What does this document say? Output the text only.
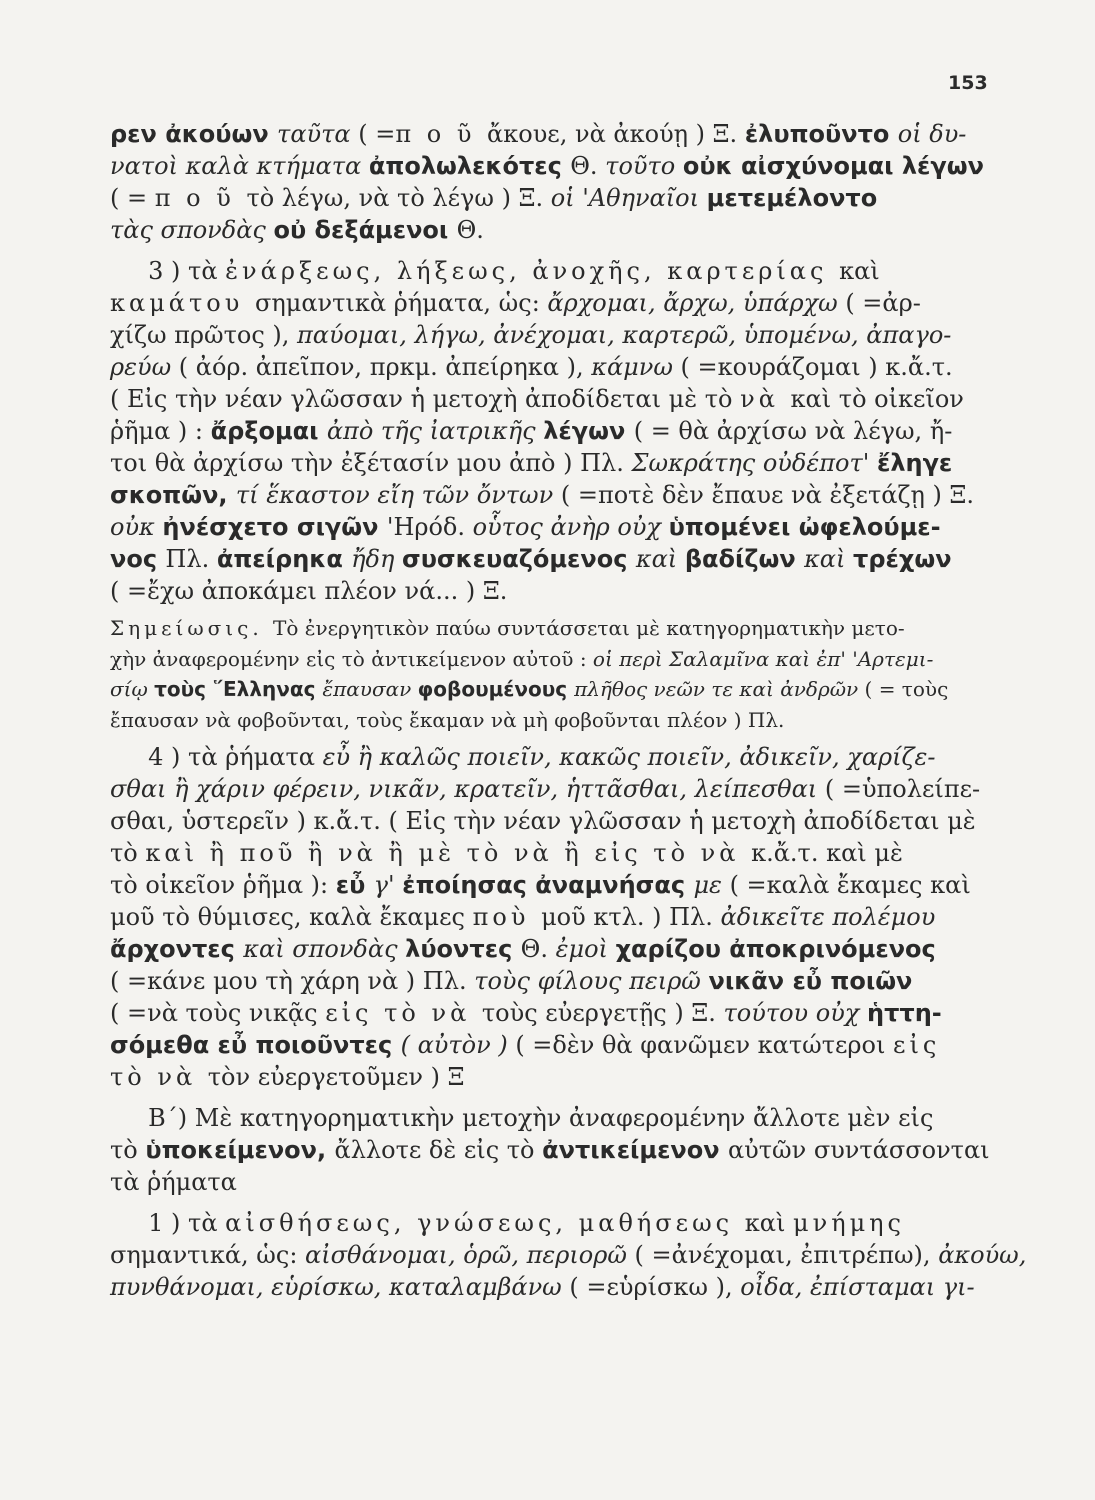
153
ρεν ἀκούων ταῦτα ( =π ο ῦ ἄκουε, νὰ ἀκούῃ ) Ξ. ἐλυποῦντο οἱ δυ-
νατοὶ καλὰ κτήματα ἀπολωλεκότες Θ. τοῦτο οὐκ αἰσχύνομαι λέγων
( = π ο ῦ τὸ λέγω, νὰ τὸ λέγω ) Ξ. οἱ 'Αθηναῖοι μετεμέλοντο
τὰς σπονδὰς οὐ δεξάμενοι Θ.
3 ) τὰ ἐνάρξεως, λήξεως, ἀνοχῆς, καρτερίας καὶ
καμάτου σημαντικὰ ῥήματα, ὡς: ἄρχομαι, ἄρχω, ὑπάρχω ( =ἀρ-
χίζω πρῶτος ), παύομαι, λήγω, ἀνέχομαι, καρτερῶ, ὑπομένω, ἀπαγο-
ρεύω ( ἀόρ. ἀπεῖπον, πρκμ. ἀπείρηκα ), κάμνω ( =κουράζομαι ) κ.ἄ.τ.
( Εἰς τὴν νέαν γλῶσσαν ἡ μετοχὴ ἀποδίδεται μὲ τὸ νὰ καὶ τὸ οἰκεῖον
ῥῆμα ) : ἄρξομαι ἀπὸ τῆς ἰατρικῆς λέγων ( = θὰ ἀρχίσω νὰ λέγω, ἤ-
τοι θὰ ἀρχίσω τὴν ἐξέτασίν μου ἀπὸ ) Πλ. Σωκράτης οὐδέποτ' ἔληγε
σκοπῶν, τί ἕκαστον εἴη τῶν ὄντων ( =ποτὲ δὲν ἔπαυε νὰ ἐξετάζῃ ) Ξ.
οὐκ ἠνέσχετο σιγῶν 'Ηρόδ. οὗτος ἀνὴρ οὐχ ὑπομένει ὠφελούμε-
νος Πλ. ἀπείρηκα ἤδη συσκευαζόμενος καὶ βαδίζων καὶ τρέχων
( =ἔχω ἀποκάμει πλέον νά... ) Ξ.
Σημείωσις. Τὸ ἐνεργητικὸν παύω συντάσσεται μὲ κατηγορηματικὴν μετο-
χὴν ἀναφερομένην εἰς τὸ ἀντικείμενον αὐτοῦ : οἱ περὶ Σαλαμῖνα καὶ ἐπ' 'Αρτεμι-
σίῳ τοὺς ῞Ελληνας ἔπαυσαν φοβουμένους πλῆθος νεῶν τε καὶ ἀνδρῶν ( = τοὺς
ἔπαυσαν νὰ φοβοῦνται, τοὺς ἔκαμαν νὰ μὴ φοβοῦνται πλέον ) Πλ.
4 ) τὰ ῥήματα εὖ ἢ καλῶς ποιεῖν, κακῶς ποιεῖν, ἀδικεῖν, χαρίζε-
σθαι ἢ χάριν φέρειν, νικᾶν, κρατεῖν, ἡττᾶσθαι, λείπεσθαι ( =ὑπολείπε-
σθαι, ὑστερεῖν ) κ.ἄ.τ. ( Εἰς τὴν νέαν γλῶσσαν ἡ μετοχὴ ἀποδίδεται μὲ
τὸ καὶ ἢ ποῦ ἢ νὰ ἢ μὲ τὸ νὰ ἢ εἰς τὸ νὰ κ.ἄ.τ. καὶ μὲ
τὸ οἰκεῖον ῥῆμα ): εὖ γ' ἐποίησας ἀναμνήσας με ( =καλὰ ἔκαμες καὶ
μοῦ τὸ θύμισες, καλὰ ἔκαμες ποὺ μοῦ κτλ. ) Πλ. ἀδικεῖτε πολέμου
ἄρχοντες καὶ σπονδὰς λύοντες Θ. ἐμοὶ χαρίζου ἀποκρινόμενος
( =κάνε μου τὴ χάρη νὰ ) Πλ. τοὺς φίλους πειρῶ νικᾶν εὖ ποιῶν
( =νὰ τοὺς νικᾷς εἰς τὸ νὰ τοὺς εὐεργετῇς ) Ξ. τούτου οὐχ ἡττη-
σόμεθα εὖ ποιοῦντες ( αὐτὸν ) ( =δὲν θὰ φανῶμεν κατώτεροι εἰς
τὸ νὰ τὸν εὐεργετοῦμεν ) Ξ
Β΄) Μὲ κατηγορηματικὴν μετοχὴν ἀναφερομένην ἄλλοτε μὲν εἰς
τὸ ὑποκείμενον, ἄλλοτε δὲ εἰς τὸ ἀντικείμενον αὐτῶν συντάσσονται
τὰ ῥήματα
1 ) τὰ αἰσθήσεως, γνώσεως, μαθήσεως καὶ μνήμης
σημαντικά, ὡς: αἰσθάνομαι, ὁρῶ, περιορῶ ( =ἀνέχομαι, ἐπιτρέπω), ἀκούω,
πυνθάνομαι, εὑρίσκω, καταλαμβάνω ( =εὑρίσκω ), οἶδα, ἐπίσταμαι γι-
